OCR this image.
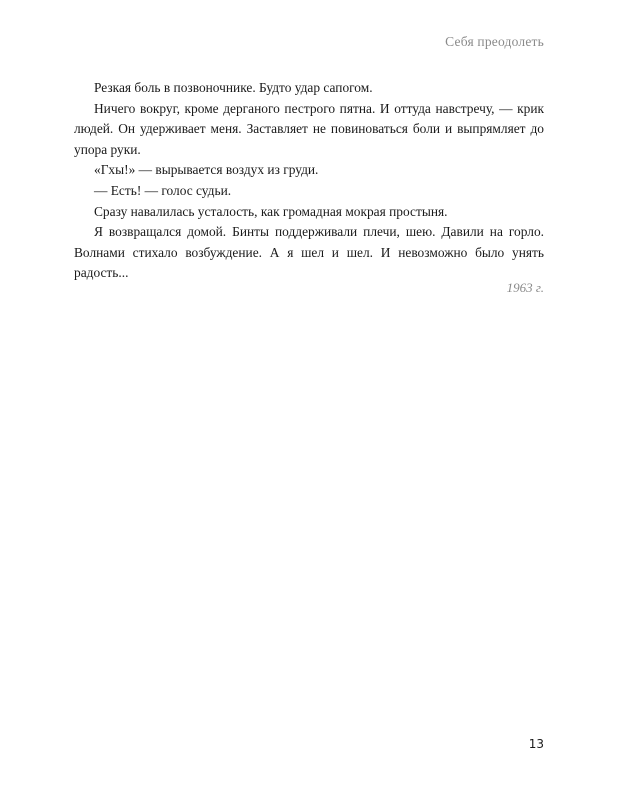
Себя преодолеть

Резкая боль в позвоночнике. Будто удар сапогом.

Ничего вокруг, кроме дерганого пестрого пятна. И оттуда навстречу, — крик людей. Он удерживает меня. Заставляет не повиноваться боли и выпрямляет до упора руки.

«Гхы!» — вырывается воздух из груди.

— Есть! — голос судьи.

Сразу навалилась усталость, как громадная мокрая простыня.

Я возвращался домой. Бинты поддерживали плечи, шею. Давили на горло. Волнами стихало возбуждение. А я шел и шел. И невозможно было унять радость...

1963 г.
13
